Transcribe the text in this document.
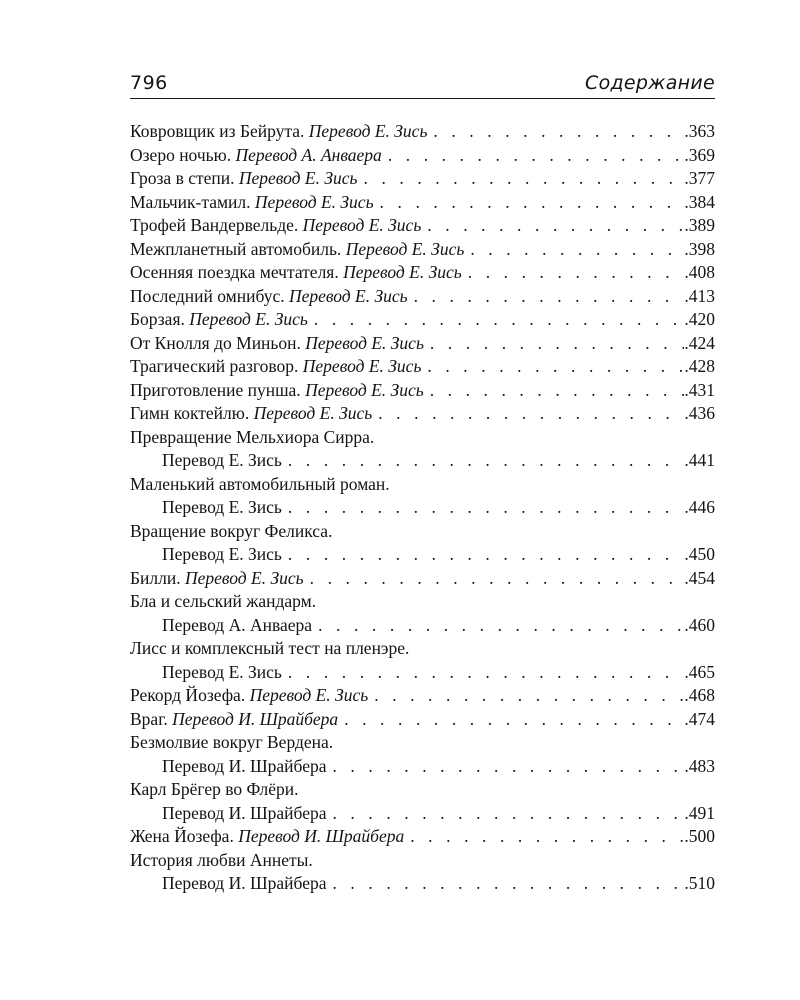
796	Содержание
Ковровщик из Бейрута. Перевод Е. Зись . . .	.363
Озеро ночью. Перевод А. Анваера . . .	.369
Гроза в степи. Перевод Е. Зись . . .	.377
Мальчик-тамил. Перевод Е. Зись . . .	.384
Трофей Вандервельде. Перевод Е. Зись . . .	.389
Межпланетный автомобиль. Перевод Е. Зись . . .	.398
Осенняя поездка мечтателя. Перевод Е. Зись . . .	.408
Последний омнибус. Перевод Е. Зись . . .	.413
Борзая. Перевод Е. Зись . . .	.420
От Кнолля до Миньон. Перевод Е. Зись . . .	.424
Трагический разговор. Перевод Е. Зись . . .	.428
Приготовление пунша. Перевод Е. Зись . . .	.431
Гимн коктейлю. Перевод Е. Зись . . .	.436
Превращение Мельхиора Сирра.
Перевод Е. Зись . . .	.441
Маленький автомобильный роман.
Перевод Е. Зись . . .	.446
Вращение вокруг Феликса.
Перевод Е. Зись . . .	.450
Билли. Перевод Е. Зись . . .	.454
Бла и сельский жандарм.
Перевод А. Анваера . . .	.460
Лисс и комплексный тест на пленэре.
Перевод Е. Зись . . .	.465
Рекорд Йозефа. Перевод Е. Зись . . .	.468
Враг. Перевод И. Шрайбера . . .	.474
Безмолвие вокруг Вердена.
Перевод И. Шрайбера . . .	.483
Карл Брёгер во Флёри.
Перевод И. Шрайбера . . .	.491
Жена Йозефа. Перевод И. Шрайбера . . .	.500
История любви Аннеты.
Перевод И. Шрайбера . . .	.510
